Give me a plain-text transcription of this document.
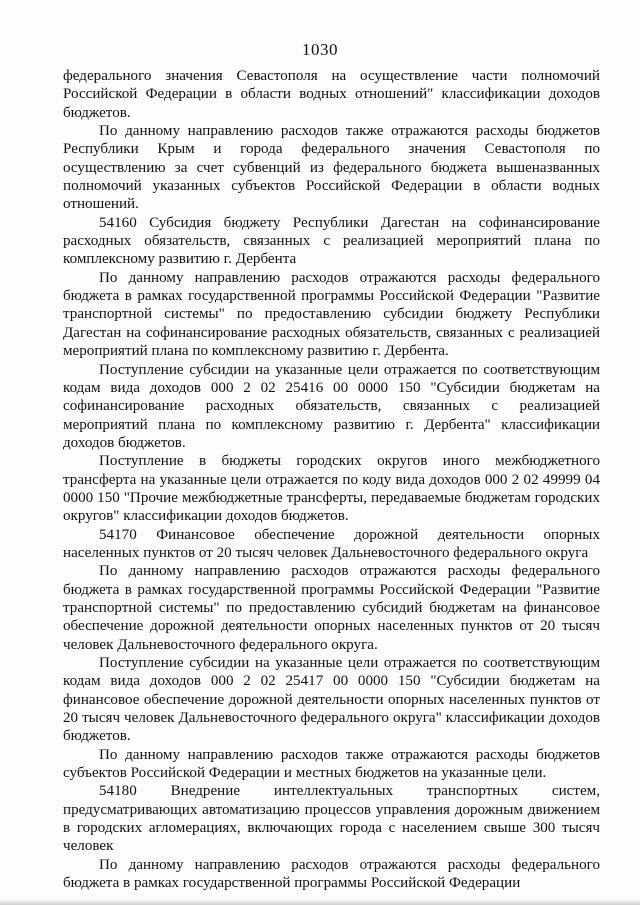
1030

федерального значения Севастополя на осуществление части полномочий Российской Федерации в области водных отношений" классификации доходов бюджетов.

По данному направлению расходов также отражаются расходы бюджетов Республики Крым и города федерального значения Севастополя по осуществлению за счет субвенций из федерального бюджета вышеназванных полномочий указанных субъектов Российской Федерации в области водных отношений.

54160 Субсидия бюджету Республики Дагестан на софинансирование расходных обязательств, связанных с реализацией мероприятий плана по комплексному развитию г. Дербента

По данному направлению расходов отражаются расходы федерального бюджета в рамках государственной программы Российской Федерации "Развитие транспортной системы" по предоставлению субсидии бюджету Республики Дагестан на софинансирование расходных обязательств, связанных с реализацией мероприятий плана по комплексному развитию г. Дербента.

Поступление субсидии на указанные цели отражается по соответствующим кодам вида доходов 000 2 02 25416 00 0000 150 "Субсидии бюджетам на софинансирование расходных обязательств, связанных с реализацией мероприятий плана по комплексному развитию г. Дербента" классификации доходов бюджетов.

Поступление в бюджеты городских округов иного межбюджетного трансферта на указанные цели отражается по коду вида доходов 000 2 02 49999 04 0000 150 "Прочие межбюджетные трансферты, передаваемые бюджетам городских округов" классификации доходов бюджетов.

54170 Финансовое обеспечение дорожной деятельности опорных населенных пунктов от 20 тысяч человек Дальневосточного федерального округа

По данному направлению расходов отражаются расходы федерального бюджета в рамках государственной программы Российской Федерации "Развитие транспортной системы" по предоставлению субсидий бюджетам на финансовое обеспечение дорожной деятельности опорных населенных пунктов от 20 тысяч человек Дальневосточного федерального округа.

Поступление субсидии на указанные цели отражается по соответствующим кодам вида доходов 000 2 02 25417 00 0000 150 "Субсидии бюджетам на финансовое обеспечение дорожной деятельности опорных населенных пунктов от 20 тысяч человек Дальневосточного федерального округа" классификации доходов бюджетов.

По данному направлению расходов также отражаются расходы бюджетов субъектов Российской Федерации и местных бюджетов на указанные цели.

54180 Внедрение интеллектуальных транспортных систем, предусматривающих автоматизацию процессов управления дорожным движением в городских агломерациях, включающих города с населением свыше 300 тысяч человек

По данному направлению расходов отражаются расходы федерального бюджета в рамках государственной программы Российской Федерации
